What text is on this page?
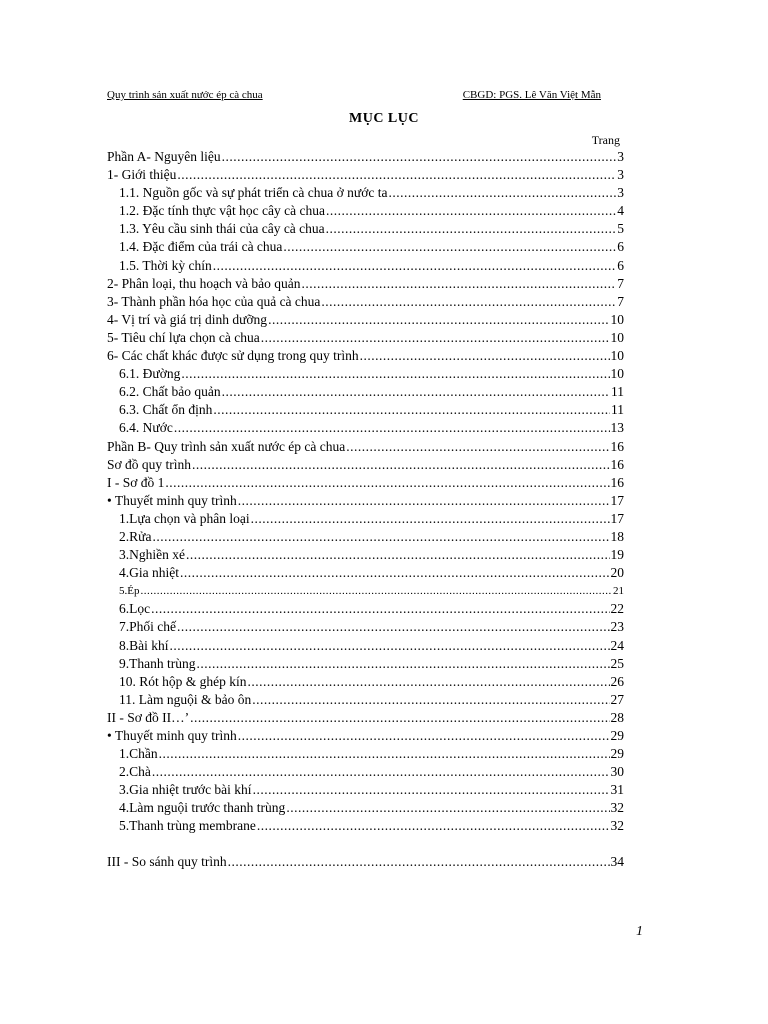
Quy trình sản xuất nước ép cà chua	CBGD: PGS. Lê Văn Việt Mẫn
MỤC LỤC
Trang
Phần A- Nguyên liệu .....	3
1- Giới thiệu .....	3
1.1. Nguồn gốc và sự phát triển cà chua ở nước ta .....	3
1.2. Đặc tính thực vật học cây cà chua .....	4
1.3. Yêu cầu sinh thái của cây cà chua .....	5
1.4. Đặc điểm của trái cà chua .....	6
1.5. Thời kỳ chín .....	6
2- Phân loại, thu hoạch và bảo quản .....	7
3- Thành phần hóa học của quả cà chua .....	7
4- Vị trí và giá trị dinh dưỡng .....	10
5- Tiêu chí lựa chọn cà chua .....	10
6- Các chất khác được sử dụng trong quy trình .....	10
6.1. Đường .....	10
6.2. Chất bảo quản .....	11
6.3. Chất ổn định .....	11
6.4. Nước .....	13
Phần B- Quy trình sản xuất nước ép cà chua .....	16
Sơ đồ quy trình .....	16
I - Sơ đồ 1 .....	16
• Thuyết minh quy trình .....	17
1.Lựa chọn và phân loại .....	17
2.Rửa .....	18
3.Nghiền xé .....	19
4.Gia nhiệt .....	20
5.Ép .....	21
6.Lọc .....	22
7.Phối chế .....	23
8.Bài khí .....	24
9.Thanh trùng .....	25
10. Rót hộp & ghép kín .....	26
11. Làm nguội & bảo ôn .....	27
II - Sơ đồ II…’ .....	28
• Thuyết minh quy trình .....	29
1.Chần .....	29
2.Chà .....	30
3.Gia nhiệt trước bài khí .....	31
4.Làm nguội trước thanh trùng .....	32
5.Thanh trùng membrane .....	32
III - So sánh quy trình .....	34
1
